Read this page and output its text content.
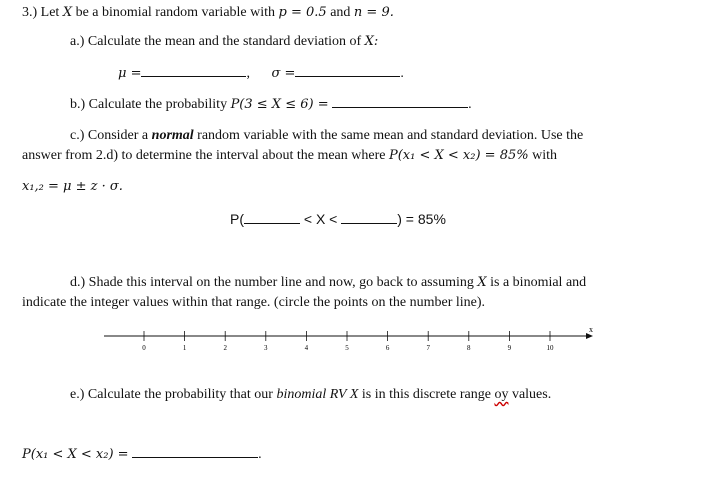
3.) Let X be a binomial random variable with p = 0.5 and n = 9.
a.) Calculate the mean and the standard deviation of X:
μ =	, σ =	.
b.) Calculate the probability P(3 ≤ X ≤ 6) =	.
c.) Consider a normal random variable with the same mean and standard deviation. Use the
answer from 2.d) to determine the interval about the mean where P(x₁ < X < x₂) = 85% with
x₁,₂ = μ ± z · σ.
P(	< X <	) = 85%
d.) Shade this interval on the number line and now, go back to assuming X is a binomial and
indicate the integer values within that range. (circle the points on the number line).
x
0	1	2	3	4	5	6	7	8	9	10
e.) Calculate the probability that our binomial RV X is in this discrete range oy values.
P(x₁ < X < x₂) =	.
